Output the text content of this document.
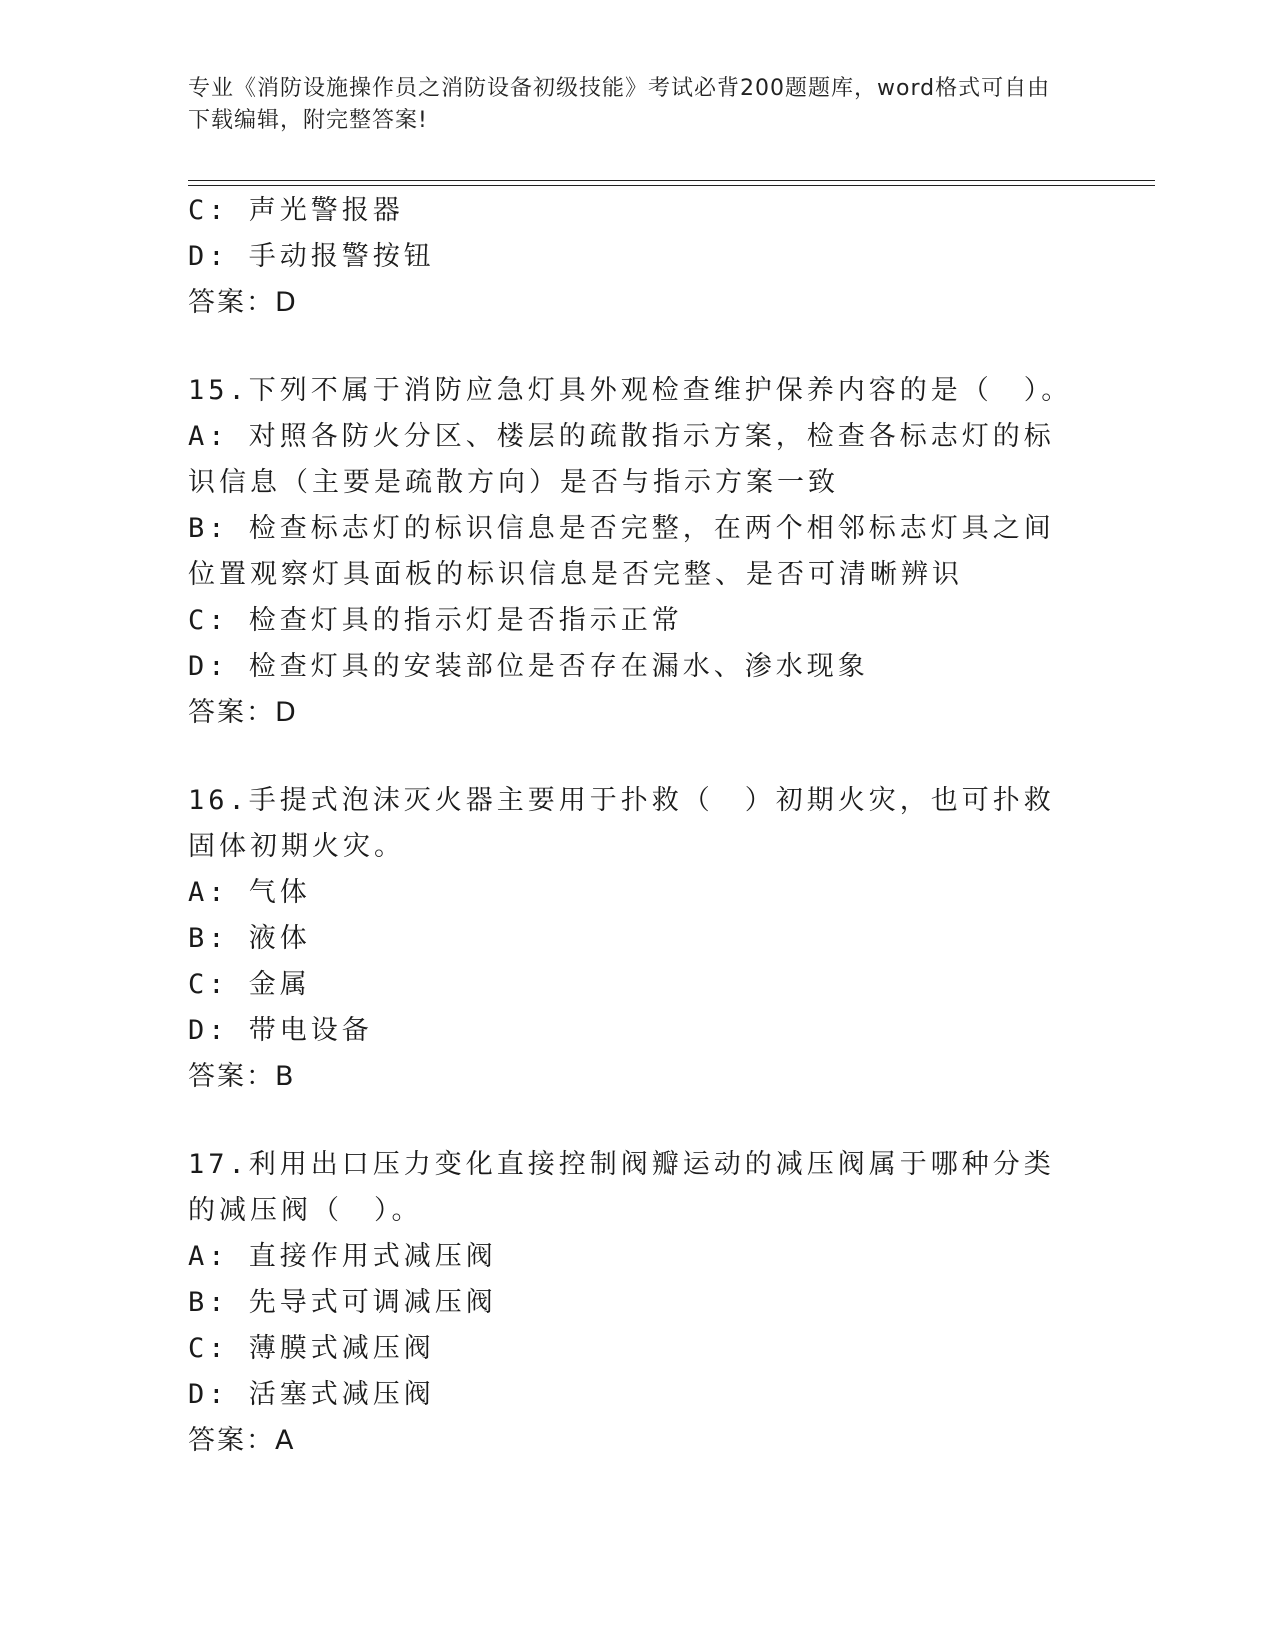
专业《消防设施操作员之消防设备初级技能》考试必背200题题库，word格式可自由下载编辑，附完整答案!
C: 声光警报器
D: 手动报警按钮
答案：D
15.下列不属于消防应急灯具外观检查维护保养内容的是（　）。
A: 对照各防火分区、楼层的疏散指示方案，检查各标志灯的标识信息（主要是疏散方向）是否与指示方案一致
B: 检查标志灯的标识信息是否完整，在两个相邻标志灯具之间位置观察灯具面板的标识信息是否完整、是否可清晰辨识
C: 检查灯具的指示灯是否指示正常
D: 检查灯具的安装部位是否存在漏水、渗水现象
答案：D
16.手提式泡沫灭火器主要用于扑救（　）初期火灾，也可扑救固体初期火灾。
A: 气体
B: 液体
C: 金属
D: 带电设备
答案：B
17.利用出口压力变化直接控制阀瓣运动的减压阀属于哪种分类的减压阀（　）。
A: 直接作用式减压阀
B: 先导式可调减压阀
C: 薄膜式减压阀
D: 活塞式减压阀
答案：A
